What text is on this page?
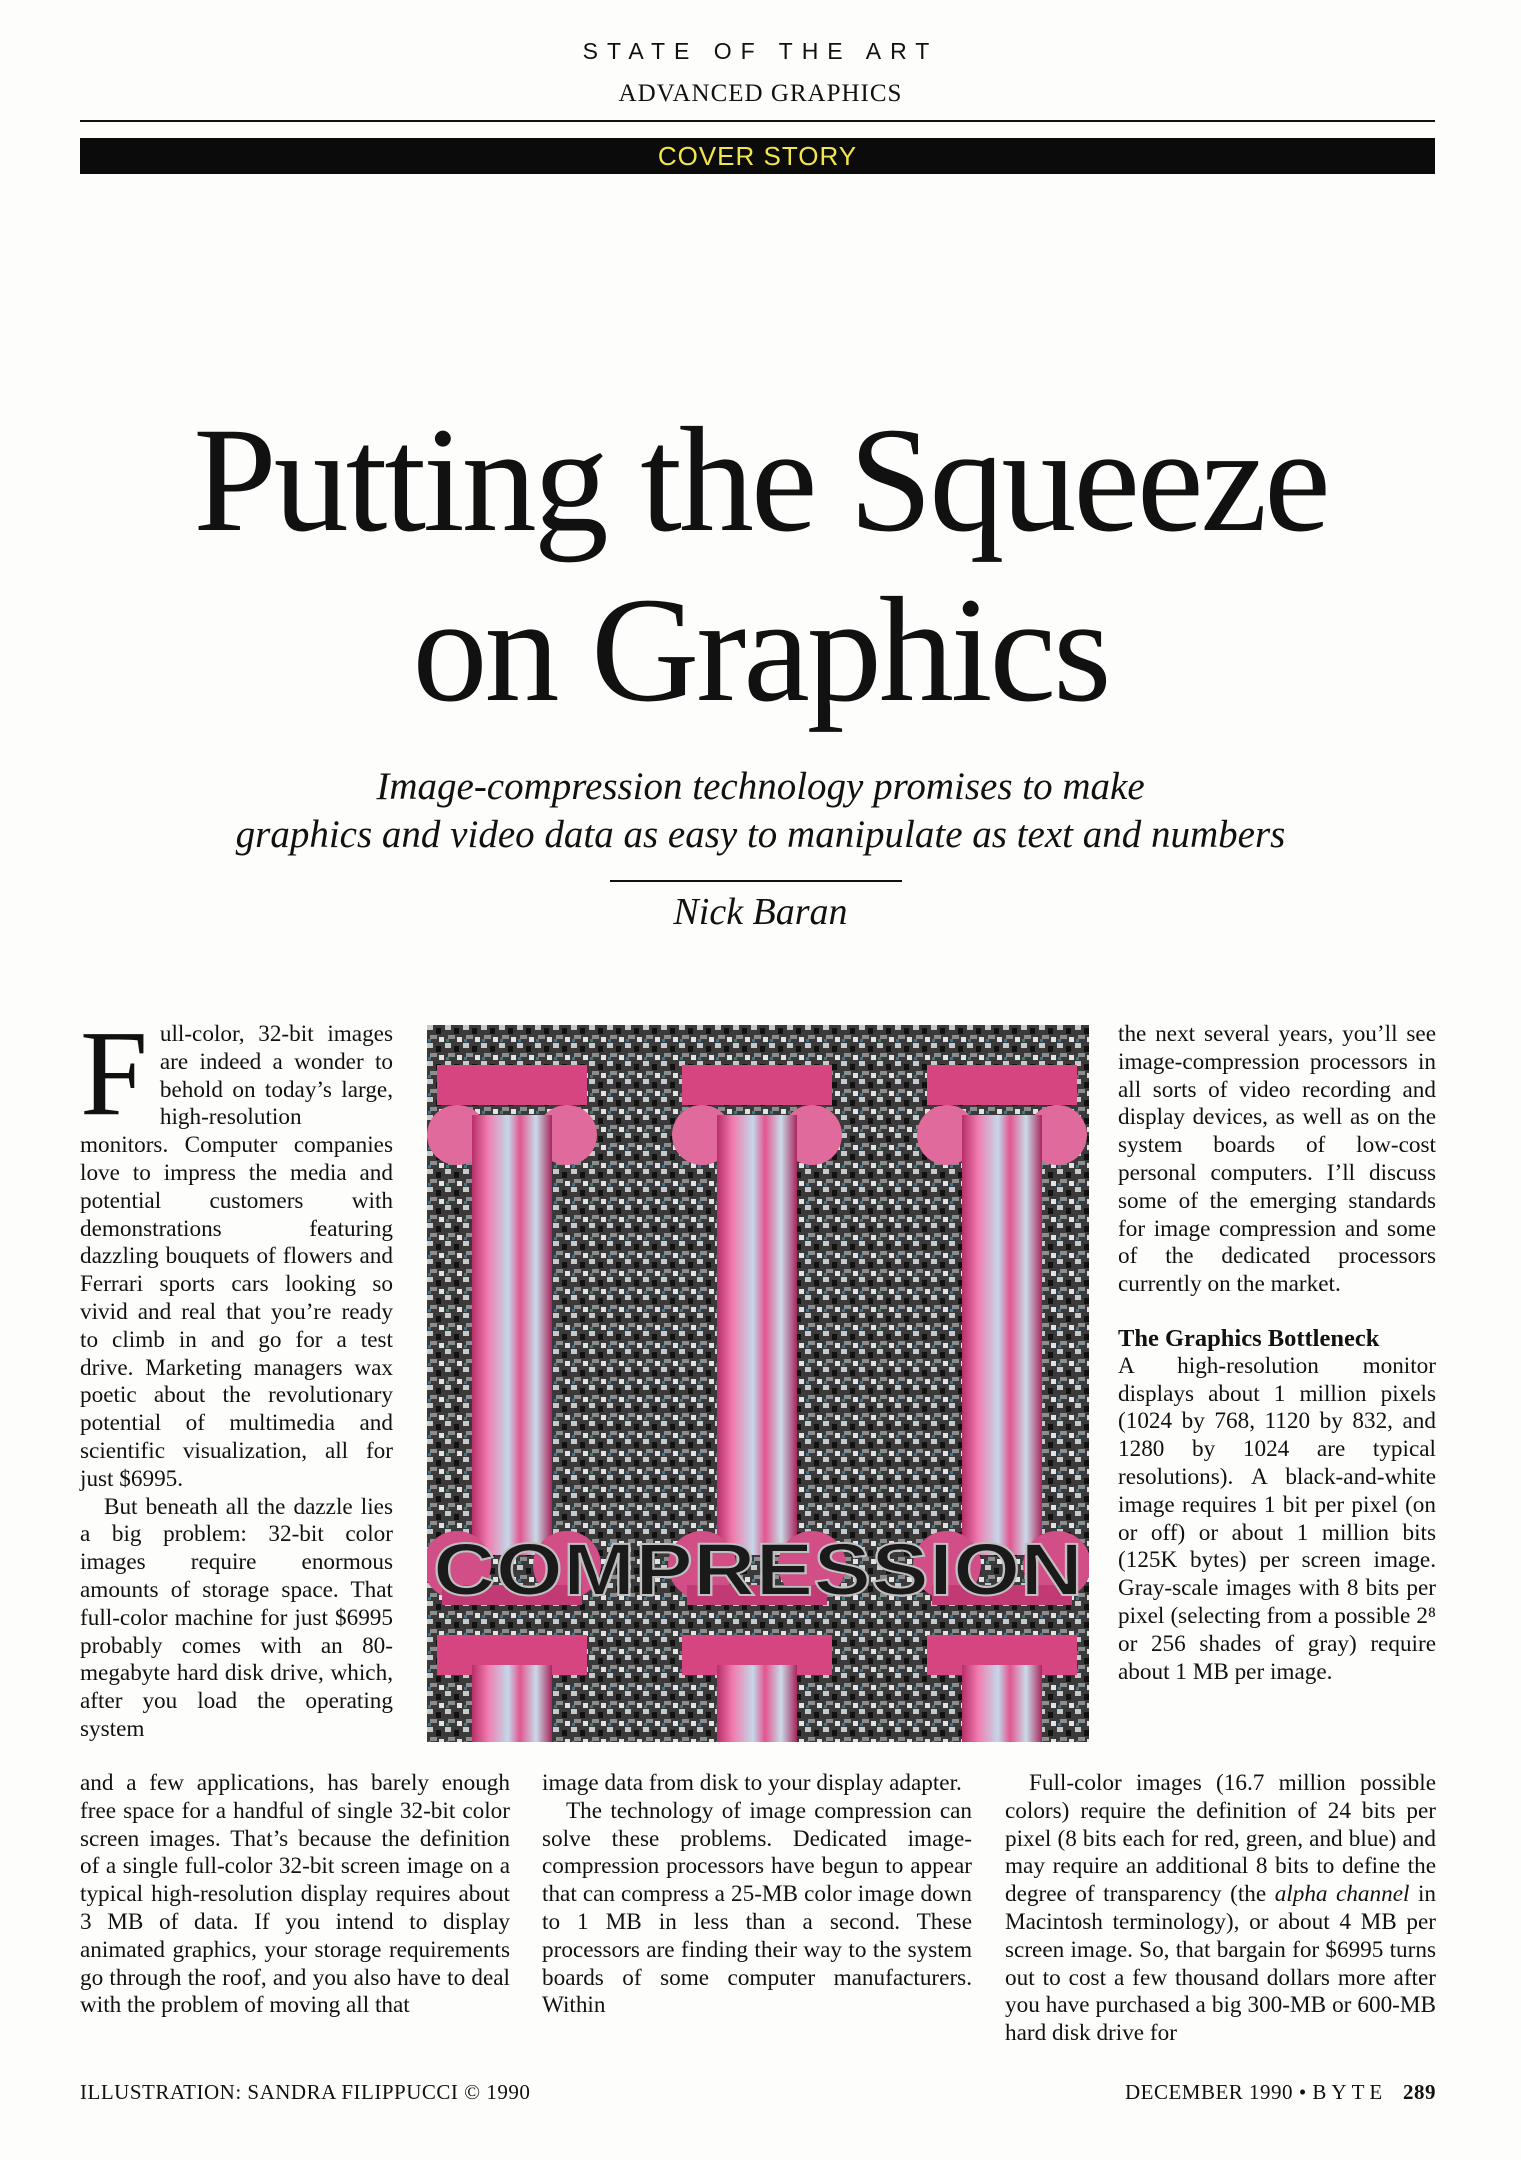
STATE OF THE ART
ADVANCED GRAPHICS
COVER STORY
Putting the Squeeze
on Graphics
Image-compression technology promises to make
graphics and video data as easy to manipulate as text and numbers
Nick Baran

Full-color, 32-bit images are indeed a wonder to behold on today’s large, high-resolution monitors. Computer companies love to impress the media and potential customers with demonstrations featuring dazzling bouquets of flowers and Ferrari sports cars looking so vivid and real that you’re ready to climb in and go for a test drive. Marketing managers wax poetic about the revolutionary potential of multimedia and scientific visualization, all for just $6995.

But beneath all the dazzle lies a big problem: 32-bit color images require enormous amounts of storage space. That full-color machine for just $6995 probably comes with an 80-megabyte hard disk drive, which, after you load the operating system

COMPRESSION

the next several years, you’ll see image-compression processors in all sorts of video recording and display devices, as well as on the system boards of low-cost personal computers. I’ll discuss some of the emerging standards for image compression and some of the dedicated processors currently on the market.

The Graphics Bottleneck

A high-resolution monitor displays about 1 million pixels (1024 by 768, 1120 by 832, and 1280 by 1024 are typical resolutions). A black-and-white image requires 1 bit per pixel (on or off) or about 1 million bits (125K bytes) per screen image. Gray-scale images with 8 bits per pixel (selecting from a possible 2⁸ or 256 shades of gray) require about 1 MB per image.

and a few applications, has barely enough free space for a handful of single 32-bit color screen images. That’s because the definition of a single full-color 32-bit screen image on a typical high-resolution display requires about 3 MB of data. If you intend to display animated graphics, your storage requirements go through the roof, and you also have to deal with the problem of moving all that

image data from disk to your display adapter.

The technology of image compression can solve these problems. Dedicated image-compression processors have begun to appear that can compress a 25-MB color image down to 1 MB in less than a second. These processors are finding their way to the system boards of some computer manufacturers. Within

Full-color images (16.7 million possible colors) require the definition of 24 bits per pixel (8 bits each for red, green, and blue) and may require an additional 8 bits to define the degree of transparency (the alpha channel in Macintosh terminology), or about 4 MB per screen image. So, that bargain for $6995 turns out to cost a few thousand dollars more after you have purchased a big 300-MB or 600-MB hard disk drive for

ILLUSTRATION: SANDRA FILIPPUCCI © 1990	DECEMBER 1990 • BYTE 289
